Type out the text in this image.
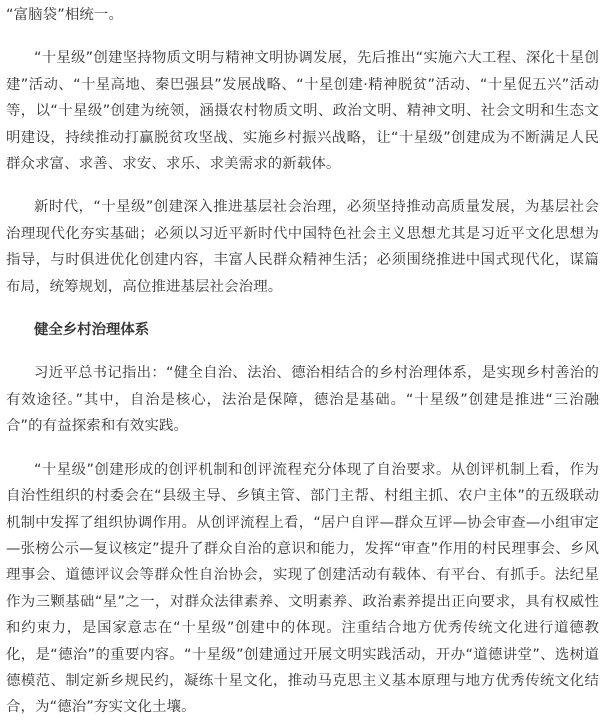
“富脑袋”相统一。

“十星级”创建坚持物质文明与精神文明协调发展，先后推出“实施六大工程、深化十星创建”活动、“十星高地、秦巴强县”发展战略、“十星创建·精神脱贫”活动、“十星促五兴”活动等，以“十星级”创建为统领，涵摄农村物质文明、政治文明、精神文明、社会文明和生态文明建设，持续推动打赢脱贫攻坚战、实施乡村振兴战略，让“十星级”创建成为不断满足人民群众求富、求善、求安、求乐、求美需求的新载体。

新时代，“十星级”创建深入推进基层社会治理，必须坚持推动高质量发展，为基层社会治理现代化夯实基础；必须以习近平新时代中国特色社会主义思想尤其是习近平文化思想为指导，与时俱进优化创建内容，丰富人民群众精神生活；必须围绕推进中国式现代化，谋篇布局，统筹规划，高位推进基层社会治理。

健全乡村治理体系

习近平总书记指出：“健全自治、法治、德治相结合的乡村治理体系，是实现乡村善治的有效途径。”其中，自治是核心，法治是保障，德治是基础。“十星级”创建是推进“三治融合”的有益探索和有效实践。

“十星级”创建形成的创评机制和创评流程充分体现了自治要求。从创评机制上看，作为自治性组织的村委会在“县级主导、乡镇主管、部门主帮、村组主抓、农户主体”的五级联动机制中发挥了组织协调作用。从创评流程上看，“居户自评—群众互评—协会审查—小组审定—张榜公示—复议核定”提升了群众自治的意识和能力，发挥“审查”作用的村民理事会、乡风理事会、道德评议会等群众性自治协会，实现了创建活动有载体、有平台、有抓手。法纪星作为三颗基础“星”之一，对群众法律素养、文明素养、政治素养提出正向要求，具有权威性和约束力，是国家意志在“十星级”创建中的体现。注重结合地方优秀传统文化进行道德教化，是“德治”的重要内容。“十星级”创建通过开展文明实践活动，开办“道德讲堂”、选树道德模范、制定新乡规民约，凝练十星文化，推动马克思主义基本原理与地方优秀传统文化结合，为“德治”夯实文化土壤。
